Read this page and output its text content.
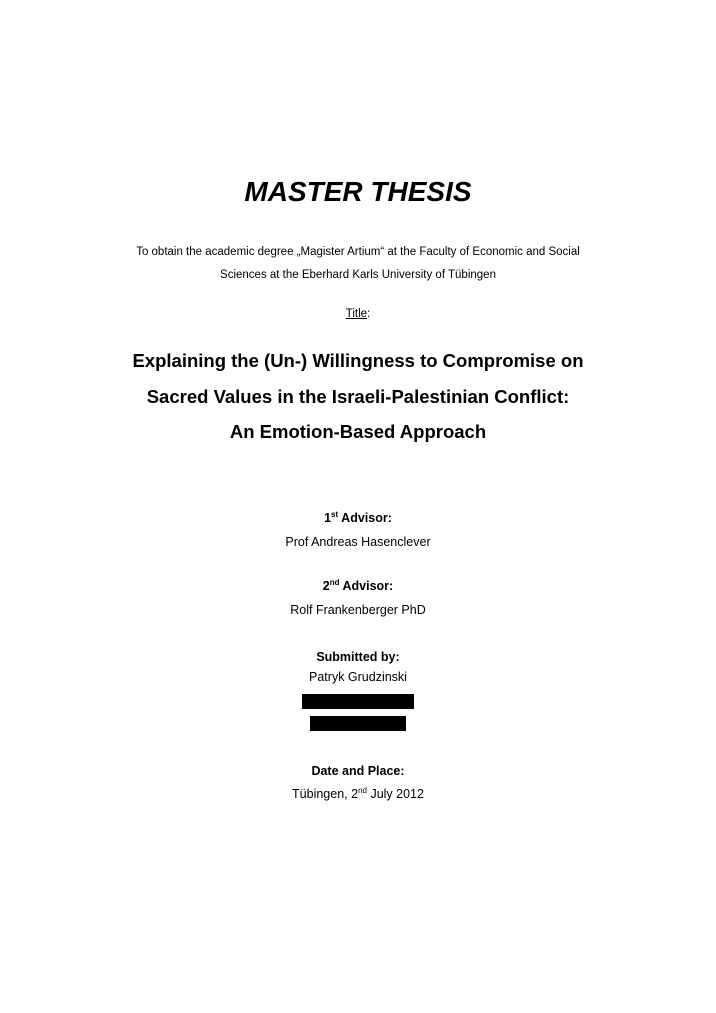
MASTER THESIS
To obtain the academic degree „Magister Artium“ at the Faculty of Economic and Social
Sciences at the Eberhard Karls University of Tübingen
Title:
Explaining the (Un-) Willingness to Compromise on
Sacred Values in the Israeli-Palestinian Conflict:
An Emotion-Based Approach
1st Advisor:
Prof Andreas Hasenclever
2nd Advisor:
Rolf Frankenberger PhD
Submitted by:
Patryk Grudzinski
Date and Place:
Tübingen, 2nd July 2012
